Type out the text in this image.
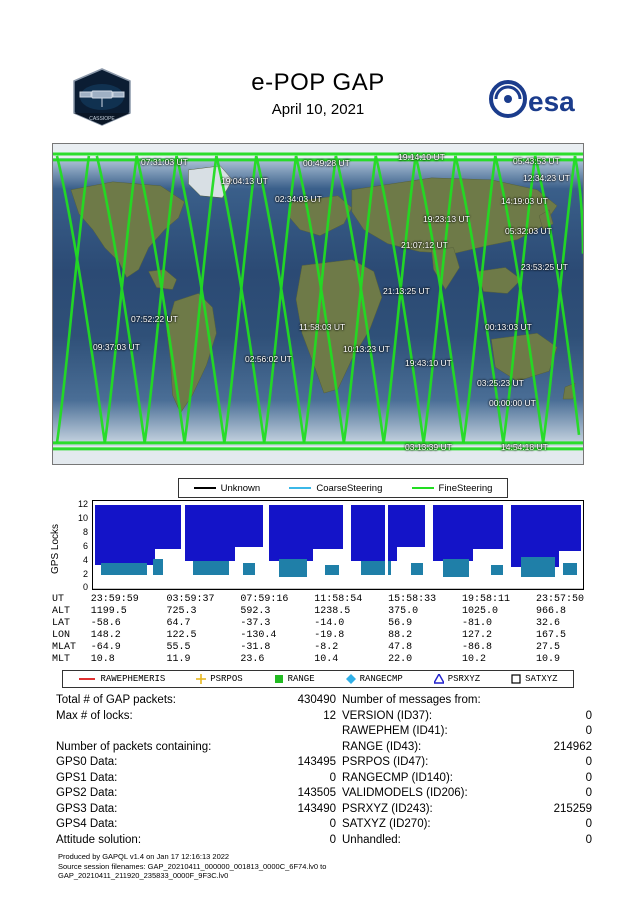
CASSIOPE
e-POP GAP
April 10, 2021	esa
07:31:03 UT	00:49:28 UT
19:14:10 UT	05:43:53 UT
19:04:13 UT	12:34:23 UT
02:34:03 UT	14:19:03 UT
19:23:13 UT
05:32:03 UT
21:07:12 UT
23:53:25 UT
21:13:25 UT
07:52:22 UT
11:58:03 UT	00:13:03 UT
09:37:03 UT	10:13:23 UT
02:56:02 UT	19:43:10 UT
03:25:23 UT
00:00:00 UT
03:13:39 UT	14:54:18 UT
Unknown	CoarseSteering	FineSteering
GPS Locks
12
10
8
6
4
2
0
UT	23:59:59	03:59:37	07:59:16	11:58:54	15:58:33	19:58:11	23:57:50
ALT	1199.5	725.3	592.3	1238.5	375.0	1025.0	966.8
LAT	-58.6	64.7	-37.3	-14.0	56.9	-81.0	32.6
LON	148.2	122.5	-130.4	-19.8	88.2	127.2	167.5
MLAT	-64.9	55.5	-31.8	-8.2	47.8	-86.8	27.5
MLT	10.8	11.9	23.6	10.4	22.0	10.2	10.9
RAWEPHEMERIS	PSRPOS	RANGE	RANGECMP	PSRXYZ	SATXYZ
Total # of GAP packets:	430490
Max # of locks:	12
Number of packets containing:
GPS0 Data:	143495
GPS1 Data:	0
GPS2 Data:	143505
GPS3 Data:	143490
GPS4 Data:	0
Attitude solution:	0
Number of messages from:
VERSION (ID37):	0
RAWEPHEM (ID41):	0
RANGE (ID43):	214962
PSRPOS (ID47):	0
RANGECMP (ID140):	0
VALIDMODELS (ID206):	0
PSRXYZ (ID243):	215259
SATXYZ (ID270):	0
Unhandled:	0
Produced by GAPQL v1.4 on Jan 17 12:16:13 2022
Source session filenames: GAP_20210411_000000_001813_0000C_6F74.lv0 to
GAP_20210411_211920_235833_0000F_9F3C.lv0
